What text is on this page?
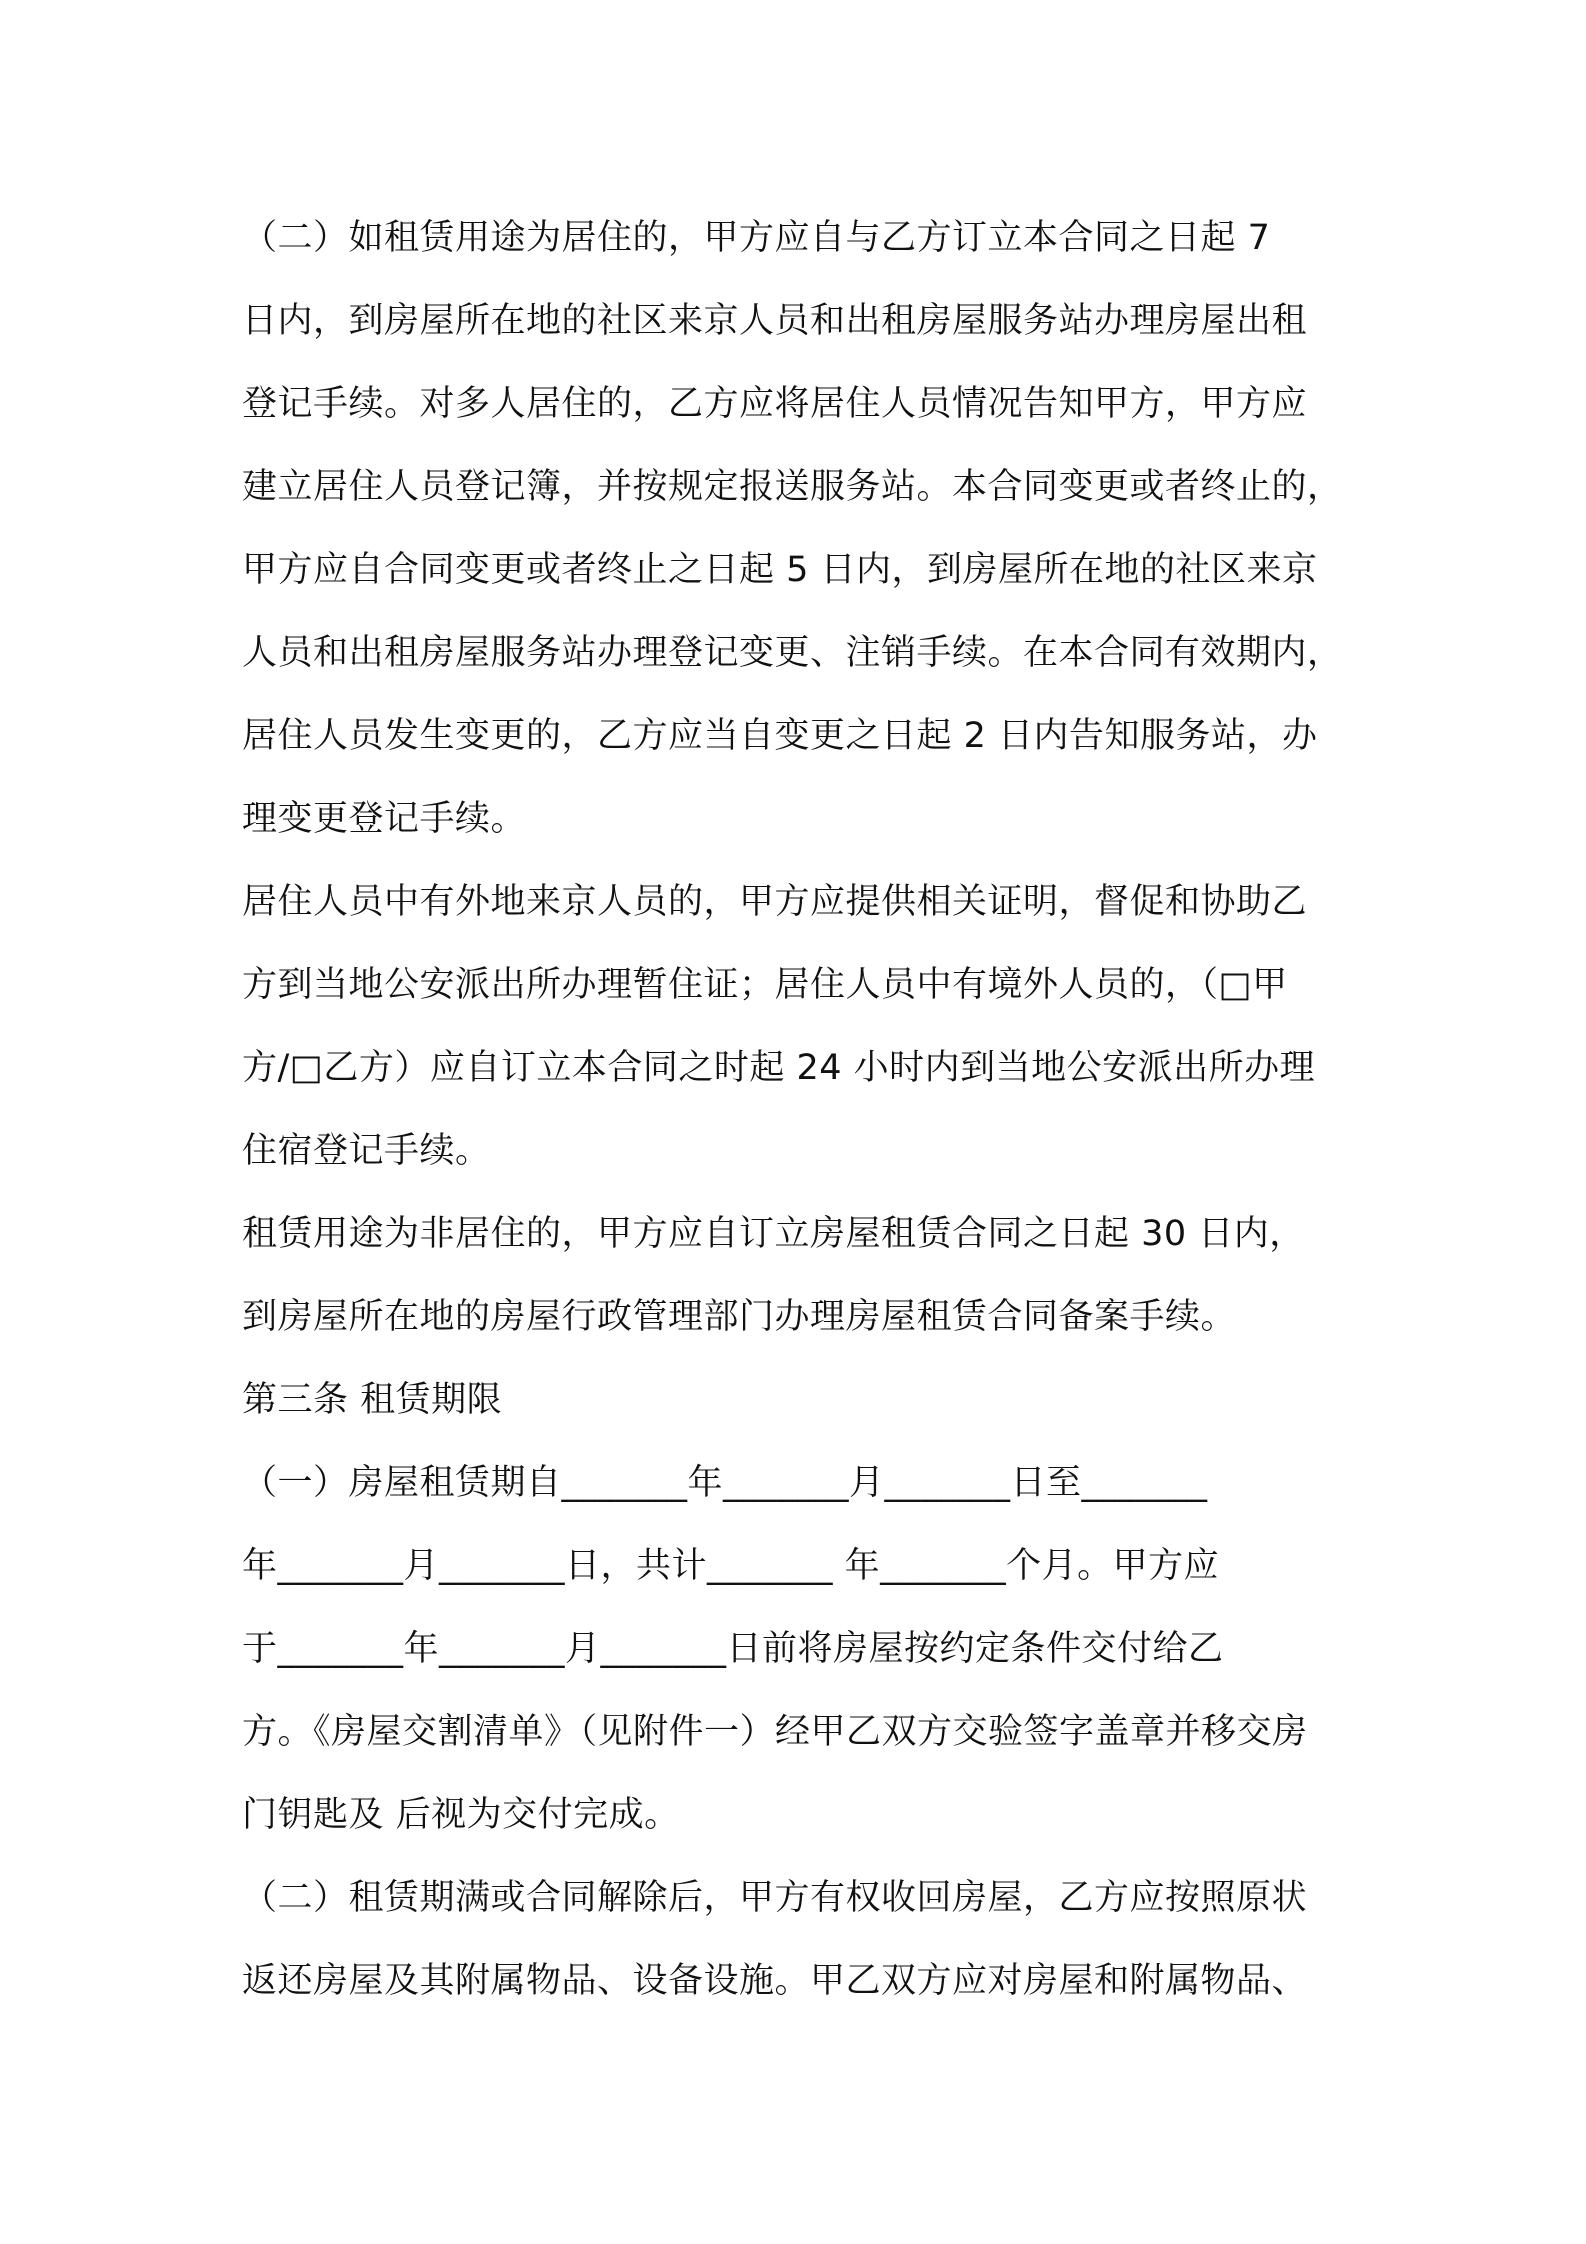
（二）如租赁用途为居住的，甲方应自与乙方订立本合同之日起 7
日内，到房屋所在地的社区来京人员和出租房屋服务站办理房屋出租
登记手续。对多人居住的，乙方应将居住人员情况告知甲方，甲方应
建立居住人员登记簿，并按规定报送服务站。本合同变更或者终止的，
甲方应自合同变更或者终止之日起 5 日内，到房屋所在地的社区来京
人员和出租房屋服务站办理登记变更、注销手续。在本合同有效期内，
居住人员发生变更的，乙方应当自变更之日起 2 日内告知服务站，办
理变更登记手续。
居住人员中有外地来京人员的，甲方应提供相关证明，督促和协助乙
方到当地公安派出所办理暂住证；居住人员中有境外人员的，（□甲
方/□乙方）应自订立本合同之时起 24 小时内到当地公安派出所办理
住宿登记手续。
租赁用途为非居住的，甲方应自订立房屋租赁合同之日起 30 日内，
到房屋所在地的房屋行政管理部门办理房屋租赁合同备案手续。
第三条 租赁期限
（一）房屋租赁期自_______年_______月_______日至_______
年_______月_______日，共计_______ 年_______个月。甲方应
于_______年_______月_______日前将房屋按约定条件交付给乙
方。《房屋交割清单》（见附件一）经甲乙双方交验签字盖章并移交房
门钥匙及 后视为交付完成。
（二）租赁期满或合同解除后，甲方有权收回房屋，乙方应按照原状
返还房屋及其附属物品、设备设施。甲乙双方应对房屋和附属物品、
